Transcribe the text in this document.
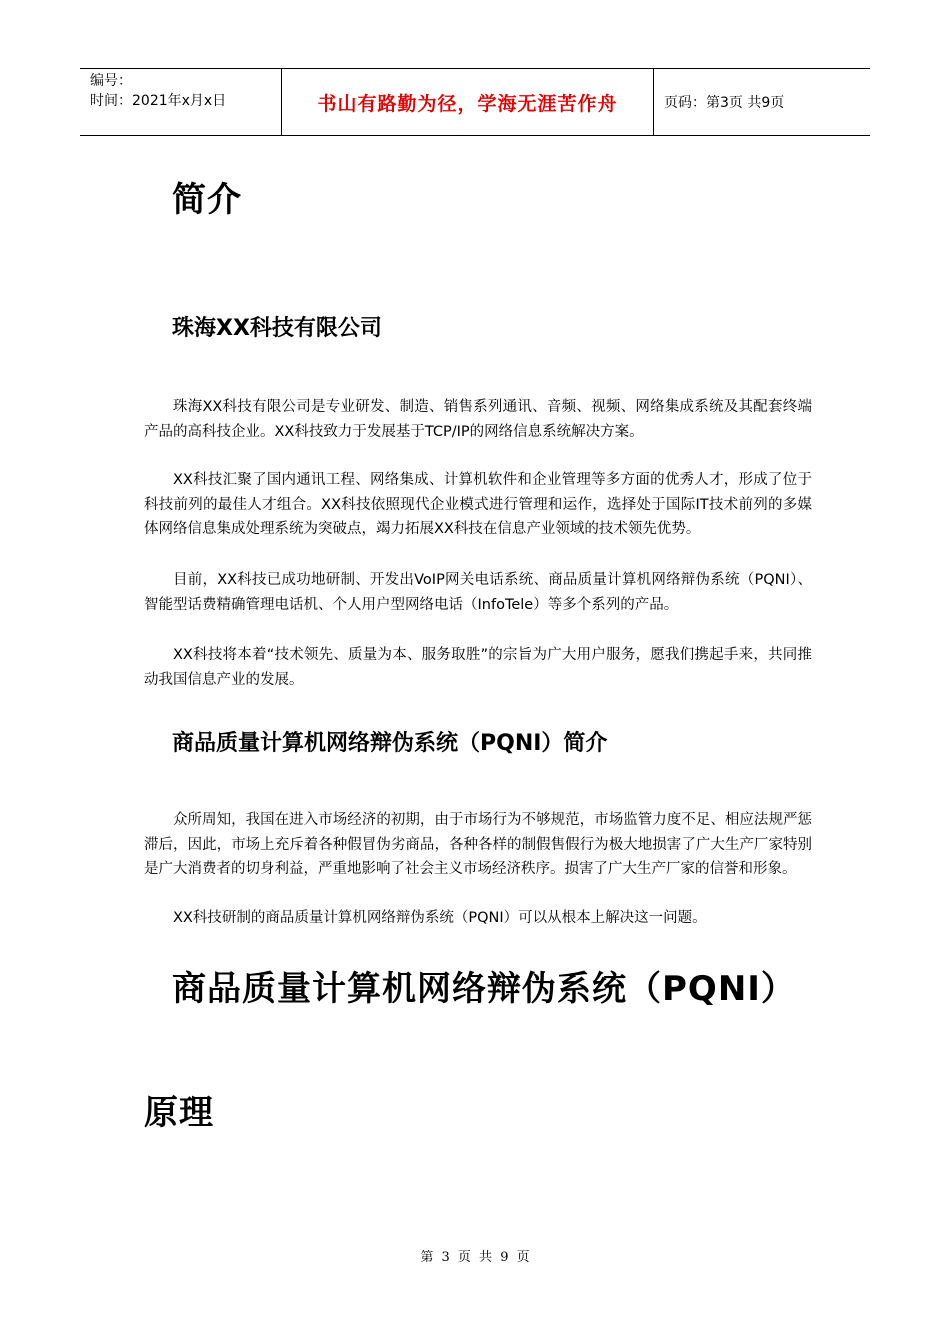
编号：
时间：2021年x月x日	书山有路勤为径，学海无涯苦作舟	页码：第3页 共9页
简介
珠海XX科技有限公司

珠海XX科技有限公司是专业研发、制造、销售系列通讯、音频、视频、网络集成系统及其配套终端产品的高科技企业。XX科技致力于发展基于TCP/IP的网络信息系统解决方案。

XX科技汇聚了国内通讯工程、网络集成、计算机软件和企业管理等多方面的优秀人才，形成了位于科技前列的最佳人才组合。XX科技依照现代企业模式进行管理和运作，选择处于国际IT技术前列的多媒体网络信息集成处理系统为突破点，竭力拓展XX科技在信息产业领域的技术领先优势。

目前，XX科技已成功地研制、开发出VoIP网关电话系统、商品质量计算机网络辩伪系统（PQNI）、智能型话费精确管理电话机、个人用户型网络电话（InfoTele）等多个系列的产品。

XX科技将本着“技术领先、质量为本、服务取胜”的宗旨为广大用户服务，愿我们携起手来，共同推动我国信息产业的发展。

商品质量计算机网络辩伪系统（PQNI）简介

众所周知，我国在进入市场经济的初期，由于市场行为不够规范，市场监管力度不足、相应法规严惩滞后，因此，市场上充斥着各种假冒伪劣商品，各种各样的制假售假行为极大地损害了广大生产厂家特别是广大消费者的切身利益，严重地影响了社会主义市场经济秩序。损害了广大生产厂家的信誉和形象。

XX科技研制的商品质量计算机网络辩伪系统（PQNI）可以从根本上解决这一问题。

商品质量计算机网络辩伪系统（PQNI）
原理
第 3 页 共 9 页
